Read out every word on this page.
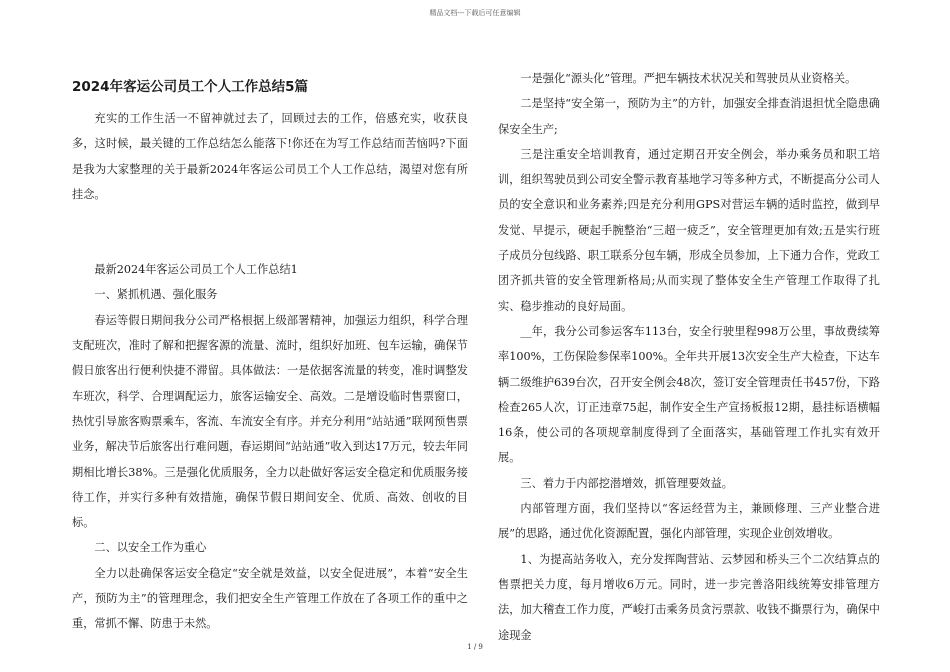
精品文档---下载后可任意编辑
2024年客运公司员工个人工作总结5篇

充实的工作生活一不留神就过去了，回顾过去的工作，倍感充实，收获良多，这时候，最关键的工作总结怎么能落下!你还在为写工作总结而苦恼吗?下面是我为大家整理的关于最新2024年客运公司员工个人工作总结，渴望对您有所挂念。

最新2024年客运公司员工个人工作总结1

一、紧抓机遇、强化服务

春运等假日期间我分公司严格根据上级部署精神，加强运力组织，科学合理支配班次，准时了解和把握客源的流量、流时，组织好加班、包车运输，确保节假日旅客出行便利快捷不滞留。具体做法：一是依据客流量的转变，准时调整发车班次，科学、合理调配运力，旅客运输安全、高效。二是增设临时售票窗口，热忱引导旅客购票乘车，客流、车流安全有序。并充分利用“站站通”联网预售票业务，解决节后旅客出行难问题，春运期间“站站通”收入到达17万元，较去年同期相比增长38%。三是强化优质服务，全力以赴做好客运安全稳定和优质服务接待工作，并实行多种有效措施，确保节假日期间安全、优质、高效、创收的目标。

二、以安全工作为重心

全力以赴确保客运安全稳定“安全就是效益，以安全促进展”，本着“安全生产，预防为主”的管理理念，我们把安全生产管理工作放在了各项工作的重中之重，常抓不懈、防患于未然。

一是强化“源头化”管理。严把车辆技术状况关和驾驶员从业资格关。

二是坚持“安全第一，预防为主”的方针，加强安全排查消退担忧全隐患确保安全生产;

三是注重安全培训教育，通过定期召开安全例会，举办乘务员和职工培训，组织驾驶员到公司安全警示教育基地学习等多种方式，不断提高分公司人员的安全意识和业务素养;四是充分利用GPS对营运车辆的适时监控，做到早发觉、早提示，硬起手腕整治“三超一疲乏”，安全管理更加有效;五是实行班子成员分包线路、职工联系分包车辆，形成全员参加，上下通力合作，党政工团齐抓共管的安全管理新格局;从而实现了整体安全生产管理工作取得了扎实、稳步推动的良好局面。

__年，我分公司参运客车113台，安全行驶里程998万公里，事故费续筹率100%，工伤保险参保率100%。全年共开展13次安全生产大检查，下达车辆二级维护639台次，召开安全例会48次，签订安全管理责任书457份，下路检查265人次，订正违章75起，制作安全生产宣扬板报12期，悬挂标语横幅16条，使公司的各项规章制度得到了全面落实，基础管理工作扎实有效开展。

三、着力于内部挖潜增效，抓管理要效益。

内部管理方面，我们坚持以“客运经营为主，兼顾修理、三产业整合进展”的思路，通过优化资源配置，强化内部管理，实现企业创效增收。

1、为提高站务收入，充分发挥陶营站、云梦园和桥头三个二次结算点的售票把关力度，每月增收6万元。同时，进一步完善洛阳线统筹安排管理方法，加大稽查工作力度，严峻打击乘务员贪污票款、收钱不撕票行为，确保中途现金

1 / 9
